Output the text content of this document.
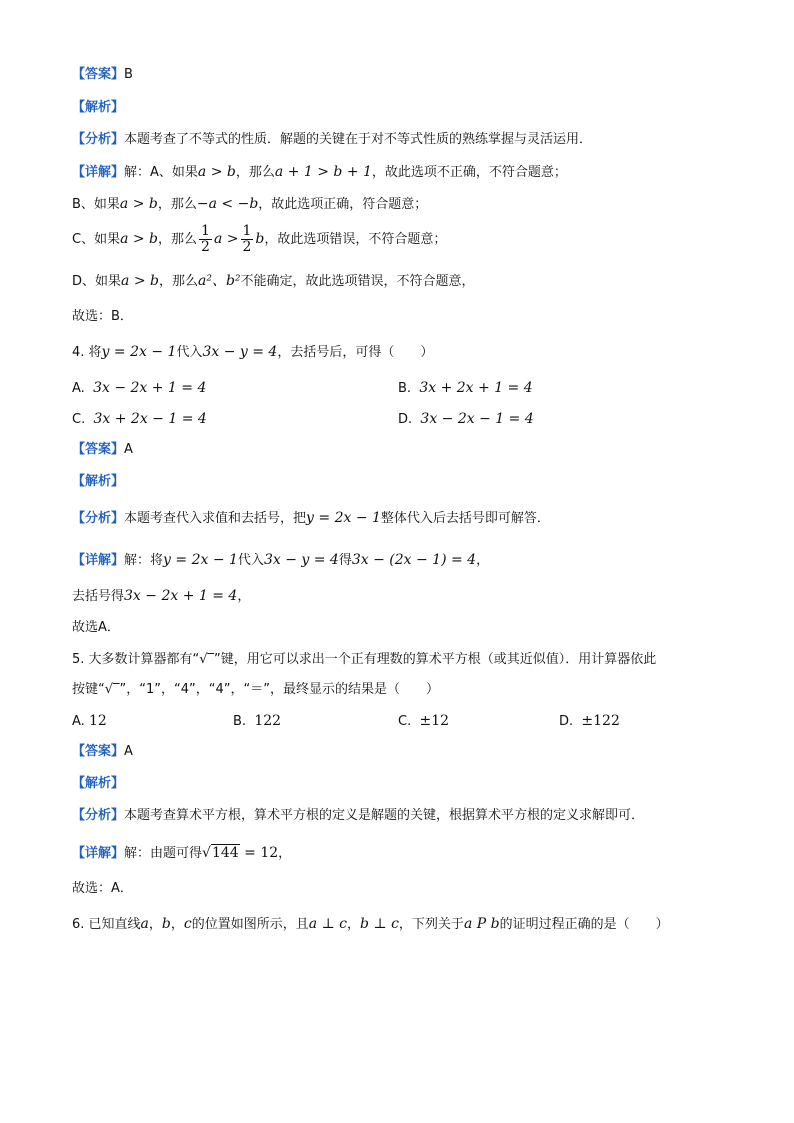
【答案】B
【解析】
【分析】本题考查了不等式的性质．解题的关键在于对不等式性质的熟练掌握与灵活运用．
【详解】解：A、如果a > b，那么a + 1 > b + 1，故此选项不正确，不符合题意；
B、如果a > b，那么−a < −b，故此选项正确，符合题意；
C、如果a > b，那么 $\frac{1}{2}$ $a > \frac{1}{2}$ b，故此选项错误，不符合题意；
D、如果a > b，那么a²、b²不能确定，故此选项错误，不符合题意，
故选：B．
4. 将y = 2x − 1代入3x − y = 4，去括号后，可得（　　）
A. 3x − 2x + 1 = 4	B. 3x + 2x + 1 = 4
C. 3x + 2x − 1 = 4	D. 3x − 2x − 1 = 4
【答案】A
【解析】
【分析】本题考查代入求值和去括号，把y = 2x − 1整体代入后去括号即可解答．
【详解】解：将y = 2x − 1代入3x − y = 4得3x − (2x − 1) = 4，
去括号得3x − 2x + 1 = 4，
故选A．
5. 大多数计算器都有“√‾”键，用它可以求出一个正有理数的算术平方根（或其近似值）．用计算器依此
按键“√‾”，“1”，“4”，“4”，“＝”，最终显示的结果是（　　）
A. 12	B. 122	C. ±12	D. ±122
【答案】A
【解析】
【分析】本题考查算术平方根，算术平方根的定义是解题的关键，根据算术平方根的定义求解即可．
【详解】解：由题可得√144 = 12，
故选：A．
6. 已知直线a，b，c的位置如图所示，且a ⊥ c，b ⊥ c，下列关于a P b的证明过程正确的是（　　）
